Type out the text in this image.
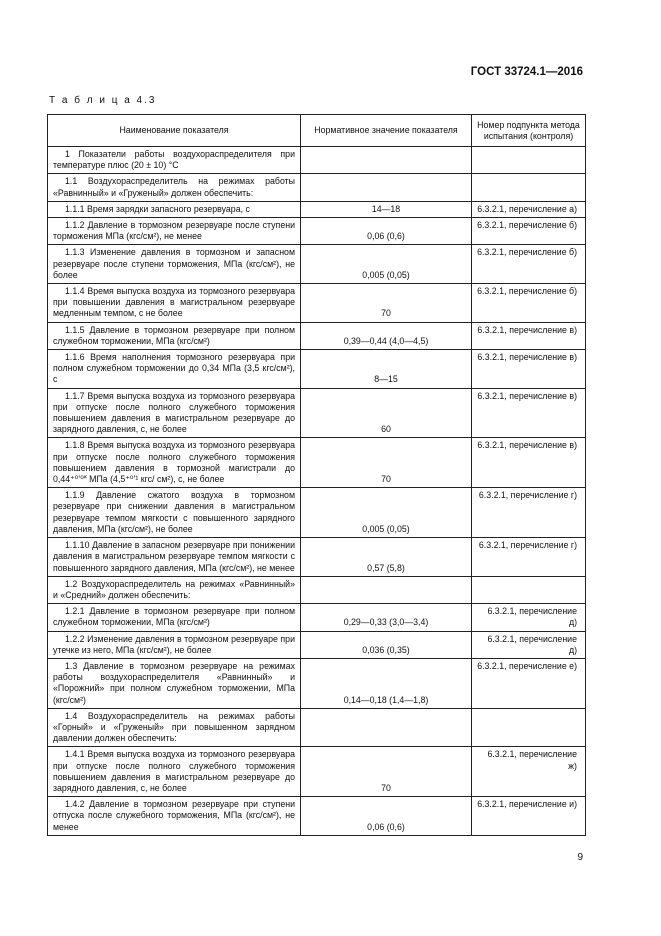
ГОСТ 33724.1—2016
Т а б л и ц а 4.3
Наименование показателя	Нормативное значение показателя	Номер подпункта метода испытания (контроля)

1 Показатели работы воздухораспределителя при температуре плюс (20 ± 10) °С		

1.1 Воздухораспределитель на режимах работы «Равнинный» и «Груженый» должен обеспечить:		

1.1.1 Время зарядки запасного резервуара, с	14—18	6.3.2.1, перечисление а)

1.1.2 Давление в тормозном резервуаре после ступени торможения МПа (кгс/см²), не менее	0,06 (0,6)	6.3.2.1, перечисление б)

1.1.3 Изменение давления в тормозном и запасном резервуаре после ступени торможения, МПа (кгс/см²), не более	0,005 (0,05)	6.3.2.1, перечисление б)

1.1.4 Время выпуска воздуха из тормозного резервуара при повышении давления в магистральном резервуаре медленным темпом, с не более	70	6.3.2.1, перечисление б)

1.1.5 Давление в тормозном резервуаре при полном служебном торможении, МПа (кгс/см²)	0,39—0,44 (4,0—4,5)	6.3.2.1, перечисление в)

1.1.6 Время наполнения тормозного резервуара при полном служебном торможении до 0,34 МПа (3,5 кгс/см²), с	8—15	6.3.2.1, перечисление в)

1.1.7 Время выпуска воздуха из тормозного резервуара при отпуске после полного служебного торможения повышением давления в магистральном резервуаре до зарядного давления, с, не более	60	6.3.2.1, перечисление в)

1.1.8 Время выпуска воздуха из тормозного резервуара при отпуске после полного служебного торможения повышением давления в тормозной магистрали до 0,44⁺⁰’⁰˟ МПа (4,5⁺⁰’¹ кгс/ см²), с, не более	70	6.3.2.1, перечисление в)

1.1.9 Давление сжатого воздуха в тормозном резервуаре при снижении давления в магистральном резервуаре темпом мягкости с повышенного зарядного давления, МПа (кгс/см²), не более	0,005 (0,05)	6.3.2.1, перечисление г)

1.1.10 Давление в запасном резервуаре при понижении давления в магистральном резервуаре темпом мягкости с повышенного зарядного давления, МПа (кгс/см²), не менее	0,57 (5,8)	6.3.2.1, перечисление г)

1.2 Воздухораспределитель на режимах «Равнинный» и «Средний» должен обеспечить:		

1.2.1 Давление в тормозном резервуаре при полном служебном торможении, МПа (кгс/см²)	0,29—0,33 (3,0—3,4)	6.3.2.1, перечисление д)

1.2.2 Изменение давления в тормозном резервуаре при утечке из него, МПа (кгс/см²), не более	0,036 (0,35)	6.3.2.1, перечисление д)

1.3 Давление в тормозном резервуаре на режимах работы воздухораспределителя «Равнинный» и «Порожний» при полном служебном торможении, МПа (кгс/см²)	0,14—0,18 (1,4—1,8)	6.3.2.1, перечисление е)

1.4 Воздухораспределитель на режимах работы «Горный» и «Груженый» при повышенном зарядном давлении должен обеспечить:		

1.4.1 Время выпуска воздуха из тормозного резервуара при отпуске после полного служебного торможения повышением давления в магистральном резервуаре до зарядного давления, с, не более	70	6.3.2.1, перечисление ж)

1.4.2 Давление в тормозном резервуаре при ступени отпуска после служебного торможения, МПа (кгс/см²), не менее	0,06 (0,6)	6.3.2.1, перечисление и)
9
